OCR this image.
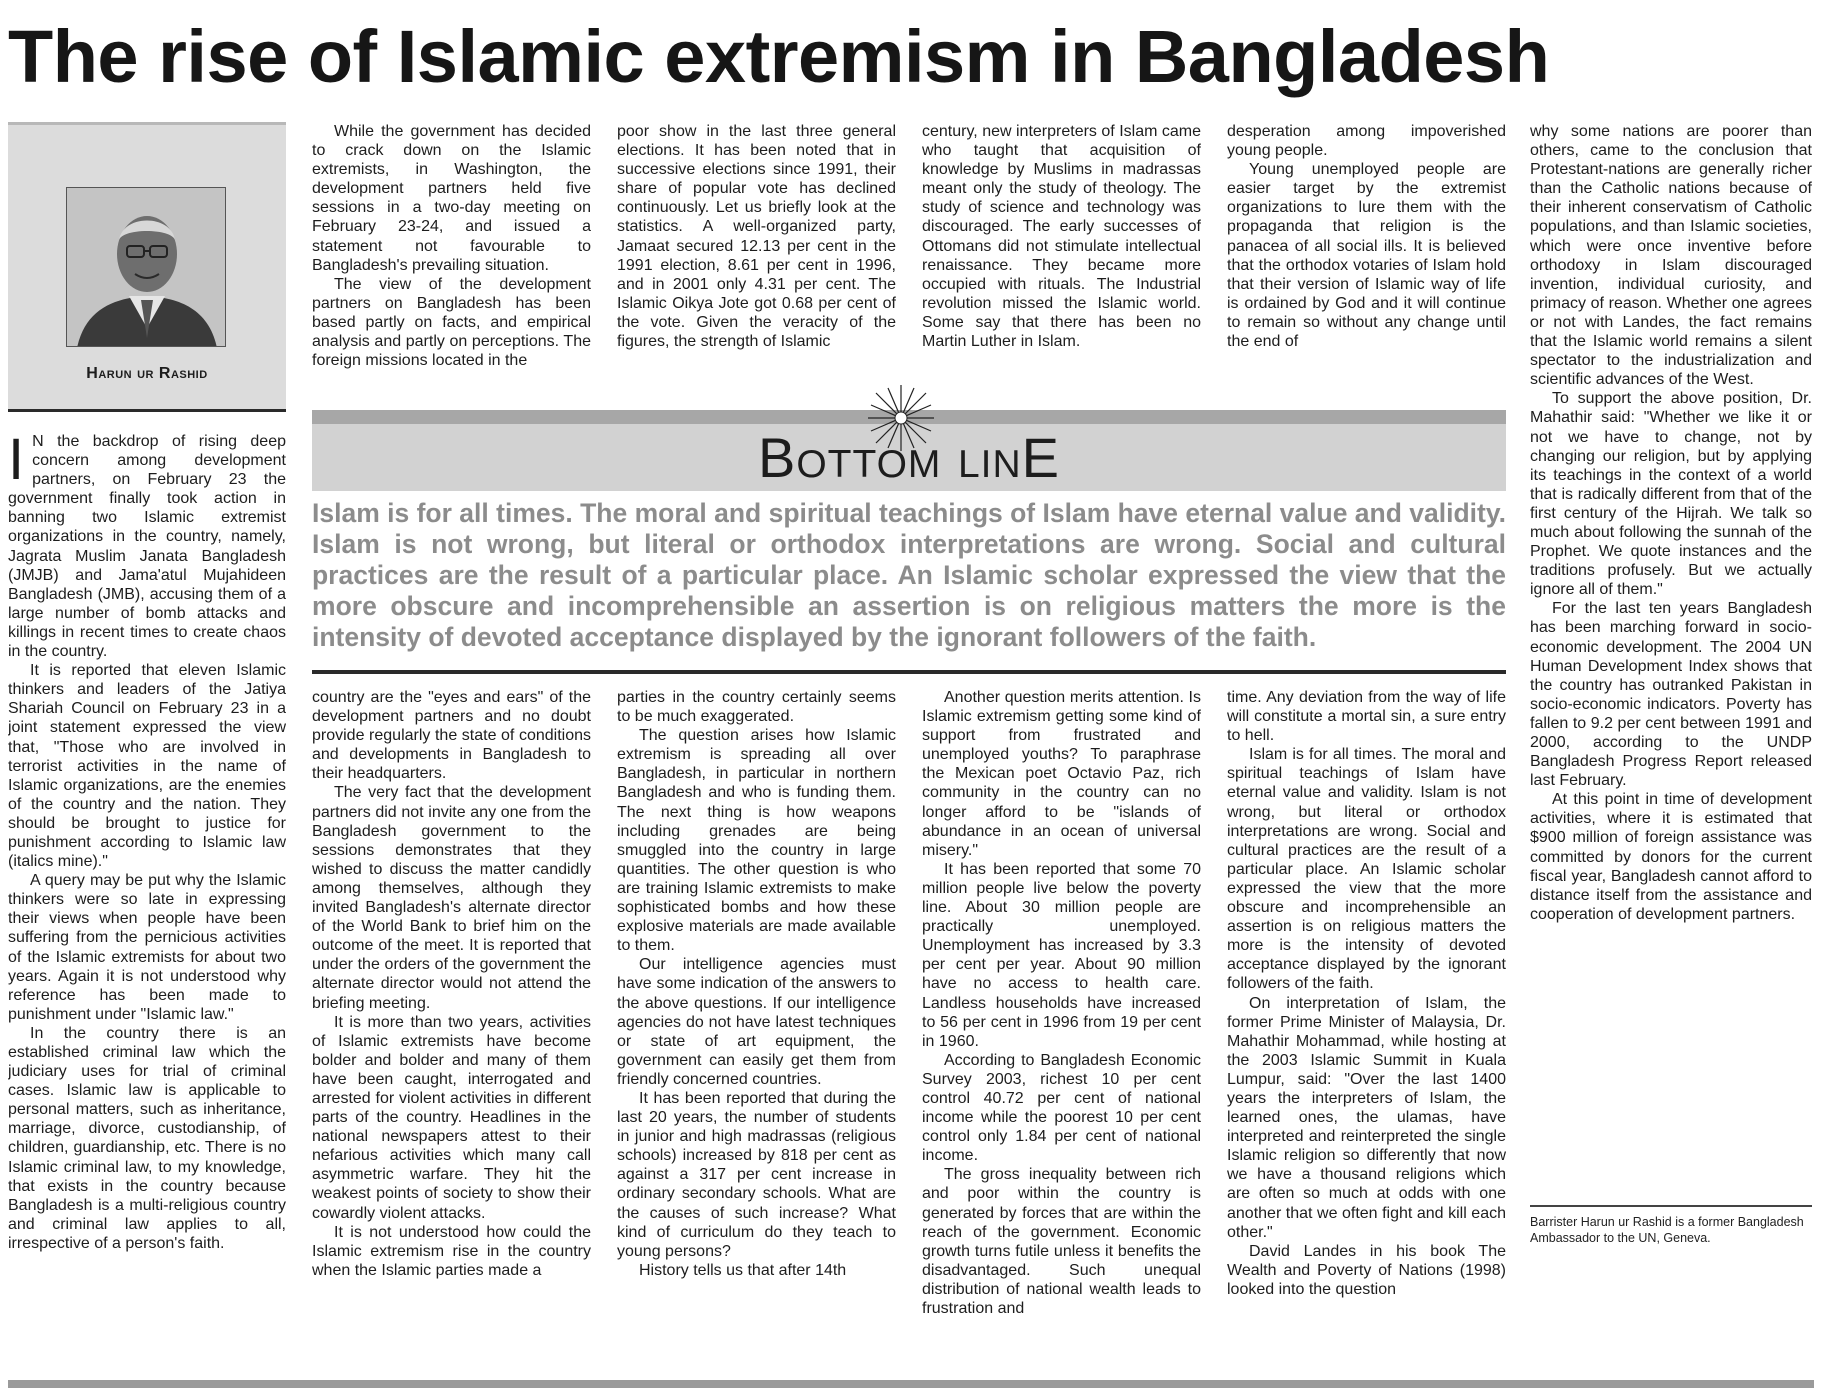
The rise of Islamic extremism in Bangladesh
Harun ur Rashid

I N the backdrop of rising deep concern among development partners, on February 23 the government finally took action in banning two Islamic extremist organizations in the country, namely, Jagrata Muslim Janata Bangladesh (JMJB) and Jama'atul Mujahideen Bangladesh (JMB), accusing them of a large number of bomb attacks and killings in recent times to create chaos in the country.

It is reported that eleven Islamic thinkers and leaders of the Jatiya Shariah Council on February 23 in a joint statement expressed the view that, "Those who are involved in terrorist activities in the name of Islamic organizations, are the enemies of the country and the nation. They should be brought to justice for punishment according to Islamic law (italics mine)."

A query may be put why the Islamic thinkers were so late in expressing their views when people have been suffering from the pernicious activities of the Islamic extremists for about two years. Again it is not understood why reference has been made to punishment under "Islamic law."

In the country there is an established criminal law which the judiciary uses for trial of criminal cases. Islamic law is applicable to personal matters, such as inheritance, marriage, divorce, custodianship, of children, guardianship, etc. There is no Islamic criminal law, to my knowledge, that exists in the country because Bangladesh is a multi-religious country and criminal law applies to all, irrespective of a person's faith.

While the government has decided to crack down on the Islamic extremists, in Washington, the development partners held five sessions in a two-day meeting on February 23-24, and issued a statement not favourable to Bangladesh's prevailing situation.

The view of the development partners on Bangladesh has been based partly on facts, and empirical analysis and partly on perceptions. The foreign missions located in the

poor show in the last three general elections. It has been noted that in successive elections since 1991, their share of popular vote has declined continuously. Let us briefly look at the statistics. A well-organized party, Jamaat secured 12.13 per cent in the 1991 election, 8.61 per cent in 1996, and in 2001 only 4.31 per cent. The Islamic Oikya Jote got 0.68 per cent of the vote. Given the veracity of the figures, the strength of Islamic

century, new interpreters of Islam came who taught that acquisition of knowledge by Muslims in madrassas meant only the study of theology. The study of science and technology was discouraged. The early successes of Ottomans did not stimulate intellectual renaissance. They became more occupied with rituals. The Industrial revolution missed the Islamic world. Some say that there has been no Martin Luther in Islam.

desperation among impoverished young people.

Young unemployed people are easier target by the extremist organizations to lure them with the propaganda that religion is the panacea of all social ills. It is believed that the orthodox votaries of Islam hold that their version of Islamic way of life is ordained by God and it will continue to remain so without any change until the end of

Bottom linE
Islam is for all times. The moral and spiritual teachings of Islam have eternal value and validity. Islam is not wrong, but literal or orthodox interpretations are wrong. Social and cultural practices are the result of a particular place. An Islamic scholar expressed the view that the more obscure and incomprehensible an assertion is on religious matters the more is the intensity of devoted acceptance displayed by the ignorant followers of the faith.

country are the "eyes and ears" of the development partners and no doubt provide regularly the state of conditions and developments in Bangladesh to their headquarters.

The very fact that the development partners did not invite any one from the Bangladesh government to the sessions demonstrates that they wished to discuss the matter candidly among themselves, although they invited Bangladesh's alternate director of the World Bank to brief him on the outcome of the meet. It is reported that under the orders of the government the alternate director would not attend the briefing meeting.

It is more than two years, activities of Islamic extremists have become bolder and bolder and many of them have been caught, interrogated and arrested for violent activities in different parts of the country. Headlines in the national newspapers attest to their nefarious activities which many call asymmetric warfare. They hit the weakest points of society to show their cowardly violent attacks.

It is not understood how could the Islamic extremism rise in the country when the Islamic parties made a

parties in the country certainly seems to be much exaggerated.

The question arises how Islamic extremism is spreading all over Bangladesh, in particular in northern Bangladesh and who is funding them. The next thing is how weapons including grenades are being smuggled into the country in large quantities. The other question is who are training Islamic extremists to make sophisticated bombs and how these explosive materials are made available to them.

Our intelligence agencies must have some indication of the answers to the above questions. If our intelligence agencies do not have latest techniques or state of art equipment, the government can easily get them from friendly concerned countries.

It has been reported that during the last 20 years, the number of students in junior and high madrassas (religious schools) increased by 818 per cent as against a 317 per cent increase in ordinary secondary schools. What are the causes of such increase? What kind of curriculum do they teach to young persons?

History tells us that after 14th

Another question merits attention. Is Islamic extremism getting some kind of support from frustrated and unemployed youths? To paraphrase the Mexican poet Octavio Paz, rich community in the country can no longer afford to be "islands of abundance in an ocean of universal misery."

It has been reported that some 70 million people live below the poverty line. About 30 million people are practically unemployed. Unemployment has increased by 3.3 per cent per year. About 90 million have no access to health care. Landless households have increased to 56 per cent in 1996 from 19 per cent in 1960.

According to Bangladesh Economic Survey 2003, richest 10 per cent control 40.72 per cent of national income while the poorest 10 per cent control only 1.84 per cent of national income.

The gross inequality between rich and poor within the country is generated by forces that are within the reach of the government. Economic growth turns futile unless it benefits the disadvantaged. Such unequal distribution of national wealth leads to frustration and

time. Any deviation from the way of life will constitute a mortal sin, a sure entry to hell.

Islam is for all times. The moral and spiritual teachings of Islam have eternal value and validity. Islam is not wrong, but literal or orthodox interpretations are wrong. Social and cultural practices are the result of a particular place. An Islamic scholar expressed the view that the more obscure and incomprehensible an assertion is on religious matters the more is the intensity of devoted acceptance displayed by the ignorant followers of the faith.

On interpretation of Islam, the former Prime Minister of Malaysia, Dr. Mahathir Mohammad, while hosting at the 2003 Islamic Summit in Kuala Lumpur, said: "Over the last 1400 years the interpreters of Islam, the learned ones, the ulamas, have interpreted and reinterpreted the single Islamic religion so differently that now we have a thousand religions which are often so much at odds with one another that we often fight and kill each other."

David Landes in his book The Wealth and Poverty of Nations (1998) looked into the question

why some nations are poorer than others, came to the conclusion that Protestant-nations are generally richer than the Catholic nations because of their inherent conservatism of Catholic populations, and than Islamic societies, which were once inventive before orthodoxy in Islam discouraged invention, individual curiosity, and primacy of reason. Whether one agrees or not with Landes, the fact remains that the Islamic world remains a silent spectator to the industrialization and scientific advances of the West.

To support the above position, Dr. Mahathir said: "Whether we like it or not we have to change, not by changing our religion, but by applying its teachings in the context of a world that is radically different from that of the first century of the Hijrah. We talk so much about following the sunnah of the Prophet. We quote instances and the traditions profusely. But we actually ignore all of them."

For the last ten years Bangladesh has been marching forward in socio-economic development. The 2004 UN Human Development Index shows that the country has outranked Pakistan in socio-economic indicators. Poverty has fallen to 9.2 per cent between 1991 and 2000, according to the UNDP Bangladesh Progress Report released last February.

At this point in time of development activities, where it is estimated that $900 million of foreign assistance was committed by donors for the current fiscal year, Bangladesh cannot afford to distance itself from the assistance and cooperation of development partners.

Barrister Harun ur Rashid is a former Bangladesh Ambassador to the UN, Geneva.
